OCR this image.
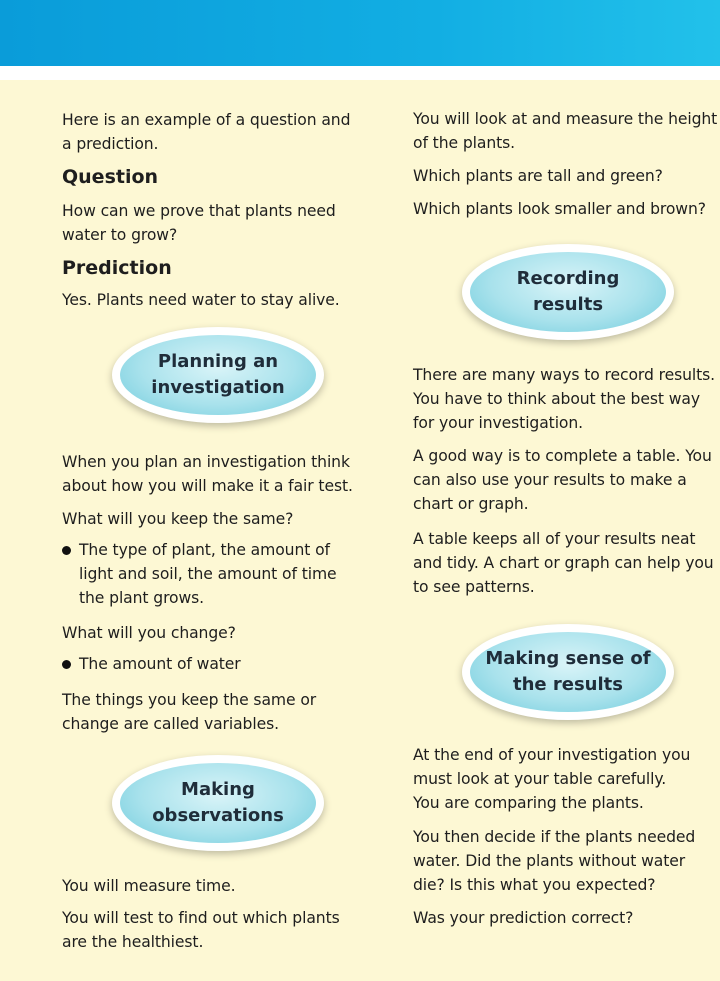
Here is an example of a question and
a prediction.

Question

How can we prove that plants need
water to grow?

Prediction

Yes. Plants need water to stay alive.

Planning an
investigation

When you plan an investigation think
about how you will make it a fair test.

What will you keep the same?

The type of plant, the amount of
light and soil, the amount of time
the plant grows.

What will you change?

The amount of water

The things you keep the same or
change are called variables.

Making
observations

You will measure time.

You will test to find out which plants
are the healthiest.

You will look at and measure the height
of the plants.

Which plants are tall and green?

Which plants look smaller and brown?

Recording
results

There are many ways to record results.
You have to think about the best way
for your investigation.

A good way is to complete a table. You
can also use your results to make a
chart or graph.

A table keeps all of your results neat
and tidy. A chart or graph can help you
to see patterns.

Making sense of
the results

At the end of your investigation you
must look at your table carefully.
You are comparing the plants.

You then decide if the plants needed
water. Did the plants without water
die? Is this what you expected?

Was your prediction correct?
